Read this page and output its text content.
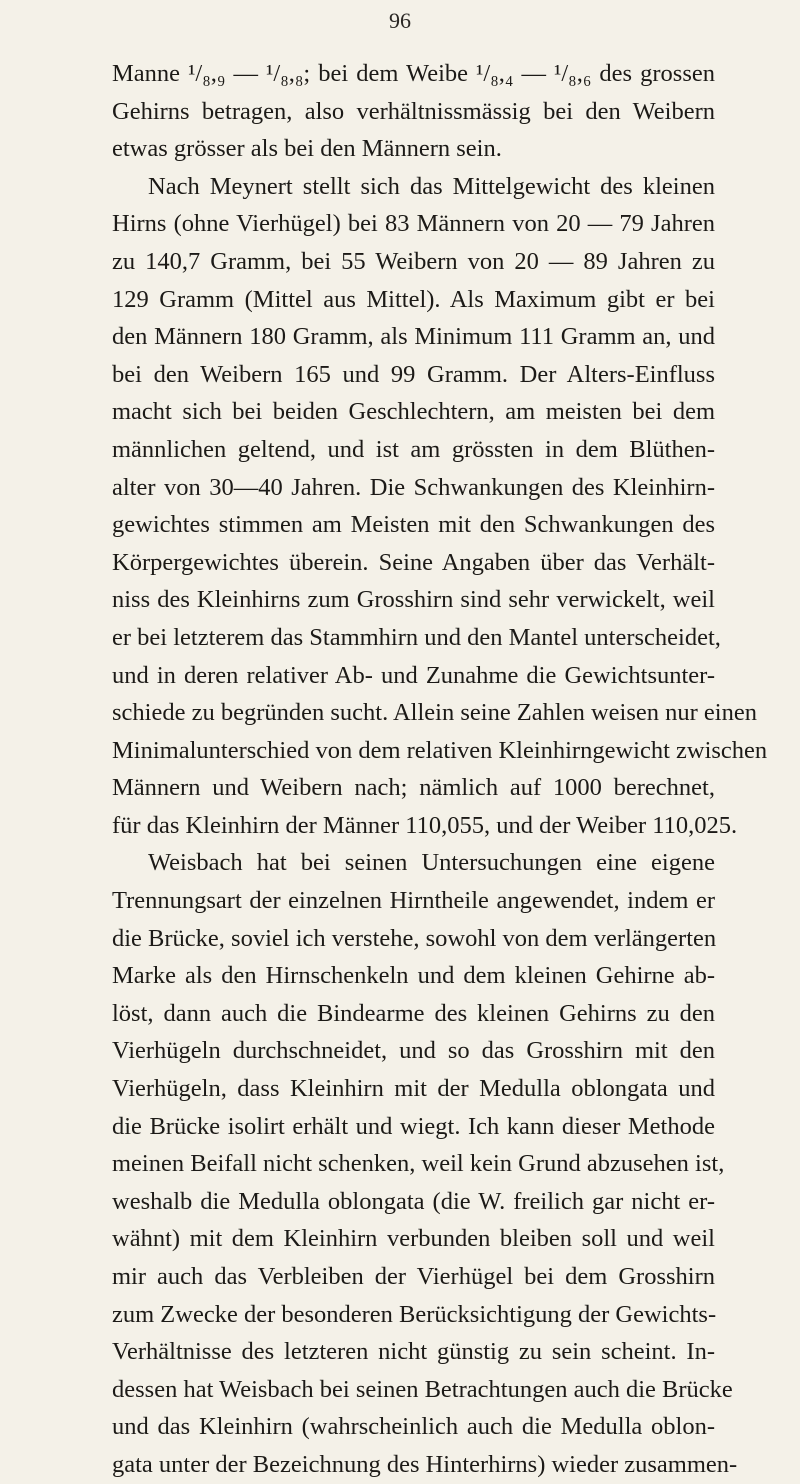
96
Manne ¹/₈,₉ — ¹/₈,₈; bei dem Weibe ¹/₈,₄ — ¹/₈,₆ des grossen
Gehirns betragen, also verhältnissmässig bei den Weibern
etwas grösser als bei den Männern sein.
Nach Meynert stellt sich das Mittelgewicht des kleinen
Hirns (ohne Vierhügel) bei 83 Männern von 20 — 79 Jahren
zu 140,7 Gramm, bei 55 Weibern von 20 — 89 Jahren zu
129 Gramm (Mittel aus Mittel). Als Maximum gibt er bei
den Männern 180 Gramm, als Minimum 111 Gramm an, und
bei den Weibern 165 und 99 Gramm. Der Alters-Einfluss
macht sich bei beiden Geschlechtern, am meisten bei dem
männlichen geltend, und ist am grössten in dem Blüthen-
alter von 30—40 Jahren. Die Schwankungen des Kleinhirn-
gewichtes stimmen am Meisten mit den Schwankungen des
Körpergewichtes überein. Seine Angaben über das Verhält-
niss des Kleinhirns zum Grosshirn sind sehr verwickelt, weil
er bei letzterem das Stammhirn und den Mantel unterscheidet,
und in deren relativer Ab- und Zunahme die Gewichtsunter-
schiede zu begründen sucht. Allein seine Zahlen weisen nur einen
Minimalunterschied von dem relativen Kleinhirngewicht zwischen
Männern und Weibern nach; nämlich auf 1000 berechnet,
für das Kleinhirn der Männer 110,055, und der Weiber 110,025.
Weisbach hat bei seinen Untersuchungen eine eigene
Trennungsart der einzelnen Hirntheile angewendet, indem er
die Brücke, soviel ich verstehe, sowohl von dem verlängerten
Marke als den Hirnschenkeln und dem kleinen Gehirne ab-
löst, dann auch die Bindearme des kleinen Gehirns zu den
Vierhügeln durchschneidet, und so das Grosshirn mit den
Vierhügeln, dass Kleinhirn mit der Medulla oblongata und
die Brücke isolirt erhält und wiegt. Ich kann dieser Methode
meinen Beifall nicht schenken, weil kein Grund abzusehen ist,
weshalb die Medulla oblongata (die W. freilich gar nicht er-
wähnt) mit dem Kleinhirn verbunden bleiben soll und weil
mir auch das Verbleiben der Vierhügel bei dem Grosshirn
zum Zwecke der besonderen Berücksichtigung der Gewichts-
Verhältnisse des letzteren nicht günstig zu sein scheint. In-
dessen hat Weisbach bei seinen Betrachtungen auch die Brücke
und das Kleinhirn (wahrscheinlich auch die Medulla oblon-
gata unter der Bezeichnung des Hinterhirns) wieder zusammen-
